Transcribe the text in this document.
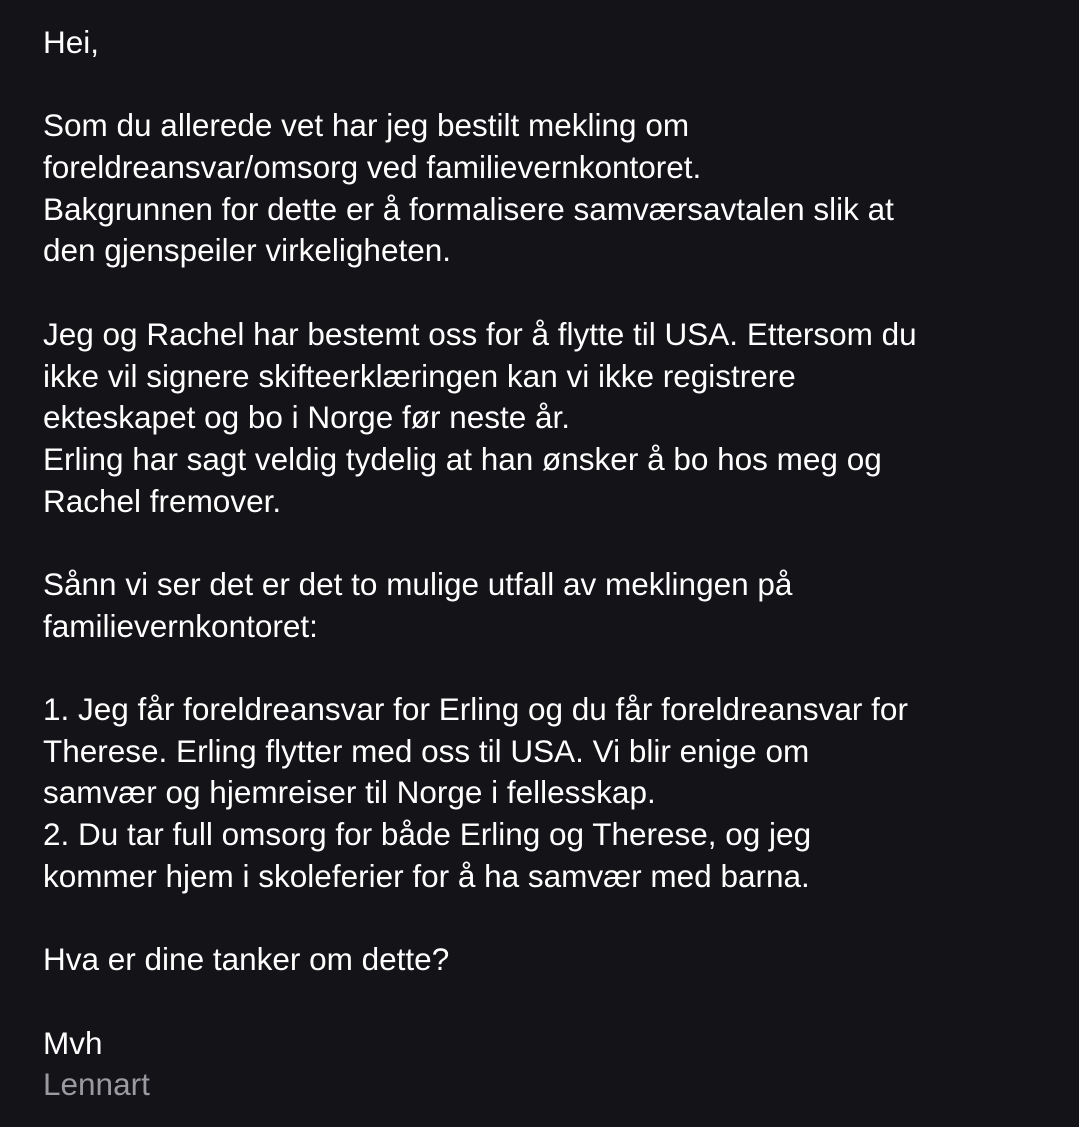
Hei,
Som du allerede vet har jeg bestilt mekling om
foreldreansvar/omsorg ved familievernkontoret.
Bakgrunnen for dette er å formalisere samværsavtalen slik at
den gjenspeiler virkeligheten.
Jeg og Rachel har bestemt oss for å flytte til USA. Ettersom du
ikke vil signere skifteerklæringen kan vi ikke registrere
ekteskapet og bo i Norge før neste år.
Erling har sagt veldig tydelig at han ønsker å bo hos meg og
Rachel fremover.
Sånn vi ser det er det to mulige utfall av meklingen på
familievernkontoret:
1. Jeg får foreldreansvar for Erling og du får foreldreansvar for
Therese. Erling flytter med oss til USA. Vi blir enige om
samvær og hjemreiser til Norge i fellesskap.
2. Du tar full omsorg for både Erling og Therese, og jeg
kommer hjem i skoleferier for å ha samvær med barna.
Hva er dine tanker om dette?
Mvh
Lennart
